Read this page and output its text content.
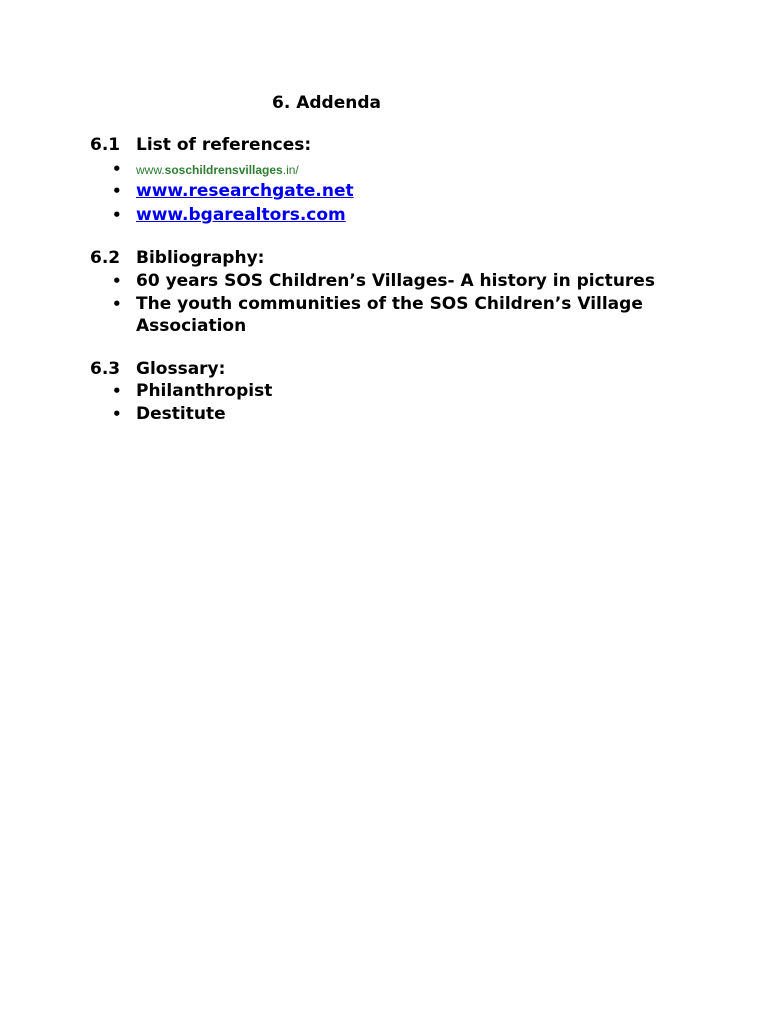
6. Addenda
6.1 List of references:
• www.soschildrensvillages.in/
• www.researchgate.net
• www.bgarealtors.com
6.2 Bibliography:
• 60 years SOS Children’s Villages- A history in pictures
• The youth communities of the SOS Children’s Village Association
6.3 Glossary:
• Philanthropist
• Destitute
